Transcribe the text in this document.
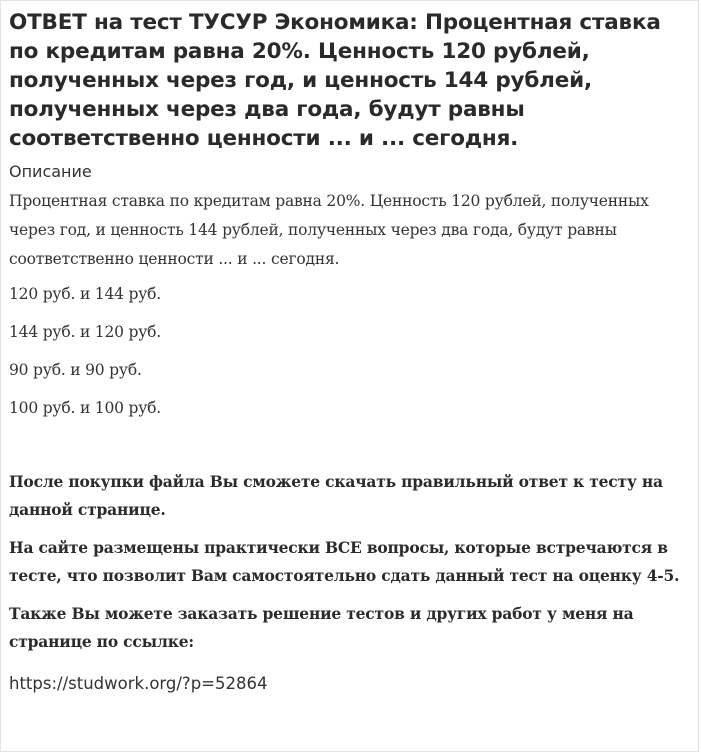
ОТВЕТ на тест ТУСУР Экономика: Процентная ставка по кредитам равна 20%. Ценность 120 рублей, полученных через год, и ценность 144 рублей, полученных через два года, будут равны соответственно ценности ... и ... сегодня.
Описание

Процентная ставка по кредитам равна 20%. Ценность 120 рублей, полученных через год, и ценность 144 рублей, полученных через два года, будут равны соответственно ценности ... и ... сегодня.

120 руб. и 144 руб.
144 руб. и 120 руб.
90 руб. и 90 руб.
100 руб. и 100 руб.

После покупки файла Вы сможете скачать правильный ответ к тесту на данной странице.

На сайте размещены практически ВСЕ вопросы, которые встречаются в тесте, что позволит Вам самостоятельно сдать данный тест на оценку 4-5.

Также Вы можете заказать решение тестов и других работ у меня на странице по ссылке:

https://studwork.org/?p=52864
